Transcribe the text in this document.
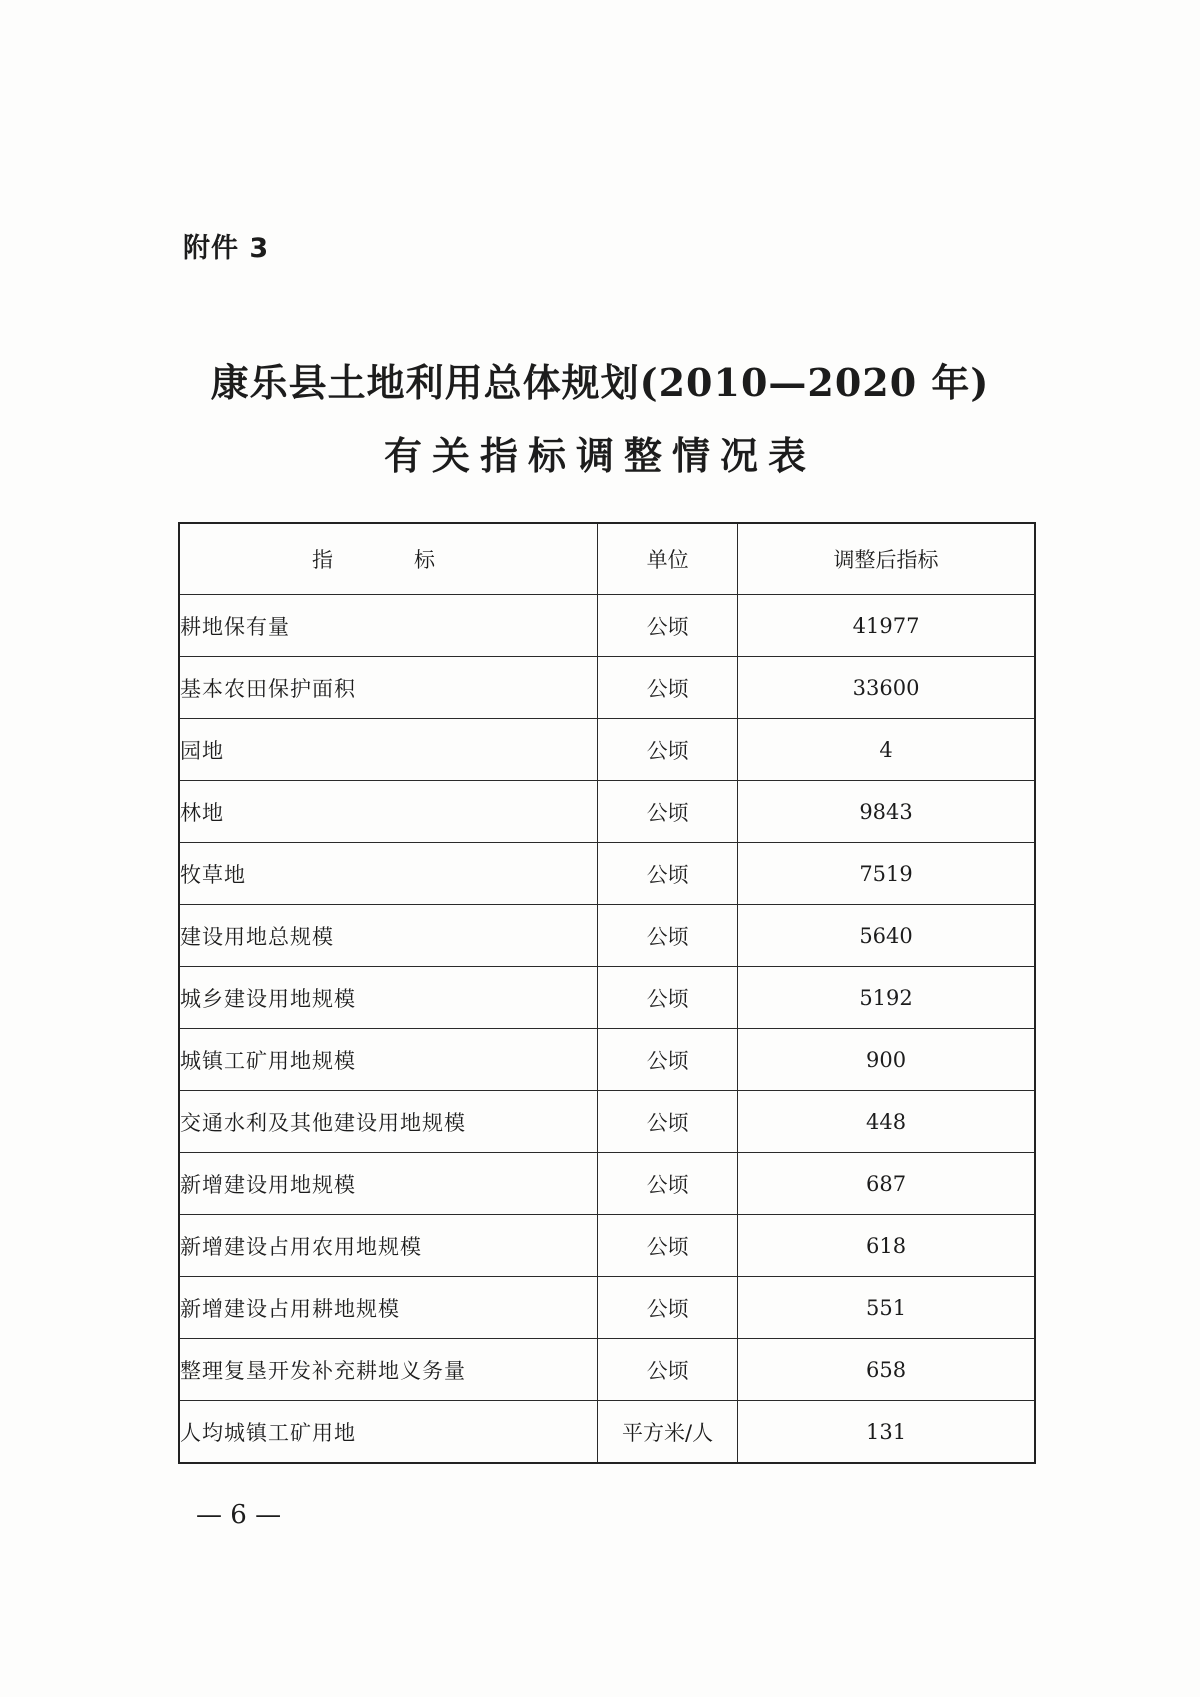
附件 3
康乐县土地利用总体规划(2010—2020 年)
有关指标调整情况表
指　标	单位	调整后指标
耕地保有量	公顷	41977
基本农田保护面积	公顷	33600
园地	公顷	4
林地	公顷	9843
牧草地	公顷	7519
建设用地总规模	公顷	5640
城乡建设用地规模	公顷	5192
城镇工矿用地规模	公顷	900
交通水利及其他建设用地规模	公顷	448
新增建设用地规模	公顷	687
新增建设占用农用地规模	公顷	618
新增建设占用耕地规模	公顷	551
整理复垦开发补充耕地义务量	公顷	658
人均城镇工矿用地	平方米/人	131
— 6 —
